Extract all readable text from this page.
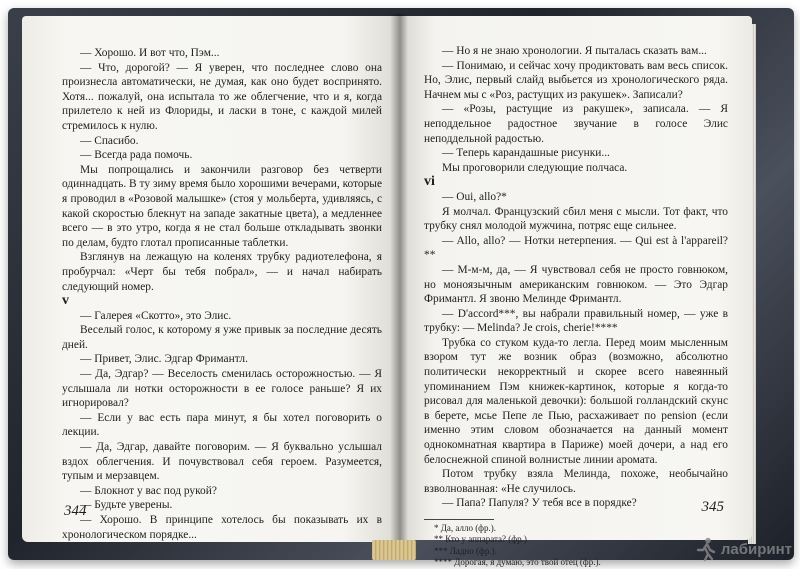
— Хорошо. И вот что, Пэм...

— Что, дорогой? — Я уверен, что последнее слово она произнесла автоматически, не думая, как оно будет воспринято. Хотя... пожалуй, она испытала то же облегчение, что и я, когда прилетело к ней из Флориды, и ласки в тоне, с каждой милей стремилось к нулю.

— Спасибо.

— Всегда рада помочь.

Мы попрощались и закончили разговор без четверти одиннадцать. В ту зиму время было хорошими вечерами, которые я проводил в «Розовой малышке» (стоя у мольберта, удивляясь, с какой скоростью блекнут на западе закатные цвета), а медленнее всего — в это утро, когда я не стал больше откладывать звонки по делам, будто глотал прописанные таблетки.

Взглянув на лежащую на коленях трубку радиотелефона, я пробурчал: «Черт бы тебя побрал», — и начал набирать следующий номер.

v

— Галерея «Скотто», это Элис.

Веселый голос, к которому я уже привык за последние десять дней.

— Привет, Элис. Эдгар Фримантл.

— Да, Эдгар? — Веселость сменилась осторожностью. — Я услышала ли нотки осторожности в ее голосе раньше? Я их игнорировал?

— Если у вас есть пара минут, я бы хотел поговорить о лекции.

— Да, Эдгар, давайте поговорим. — Я буквально услышал вздох облегчения. И почувствовал себя героем. Разумеется, тупым и мерзавцем.

— Блокнот у вас под рукой?

— Будьте уверены.

— Хорошо. В принципе хотелось бы показывать их в хронологическом порядке...

344

— Но я не знаю хронологии. Я пыталась сказать вам...

— Понимаю, и сейчас хочу продиктовать вам весь список. Но, Элис, первый слайд выбьется из хронологического ряда. Начнем мы с «Роз, растущих из ракушек». Записали?

— «Розы, растущие из ракушек», записала. — Я неподдельное радостное звучание в голосе Элис неподдельной радостью.

— Теперь карандашные рисунки...

Мы проговорили следующие полчаса.

vi

— Oui, allo?*

Я молчал. Французский сбил меня с мысли. Тот факт, что трубку снял молодой мужчина, потряс еще сильнее.

— Allo, allo? — Нотки нетерпения. — Qui est à l'appareil?**

— М-м-м, да, — Я чувствовал себя не просто говнюком, но моноязычным американским говнюком. — Это Эдгар Фримантл. Я звоню Мелинде Фримантл.

— D'accord***, вы набрали правильный номер, — уже в трубку: — Melinda? Je crois, cherie!****

Трубка со стуком куда-то легла. Перед моим мысленным взором тут же возник образ (возможно, абсолютно политически некорректный и скорее всего навеянный упоминанием Пэм книжек-картинок, которые я когда-то рисовал для маленькой девочки): большой голландский скунс в берете, мсье Пепе ле Пью, расхаживает по pension (если именно этим словом обозначается на данный момент однокомнатная квартира в Париже) моей дочери, а над его белоснежной спиной волнистые линии аромата.

Потом трубку взяла Мелинда, похоже, необычайно взволнованная: «Не случилось.

— Папа? Папуля? У тебя все в порядке?

* Да, алло (фр.).

** Кто у аппарата? (фр.)

*** Ладно (фр.).

**** Дорогая, я думаю, это твой отец (фр.).

345
лабиринт
